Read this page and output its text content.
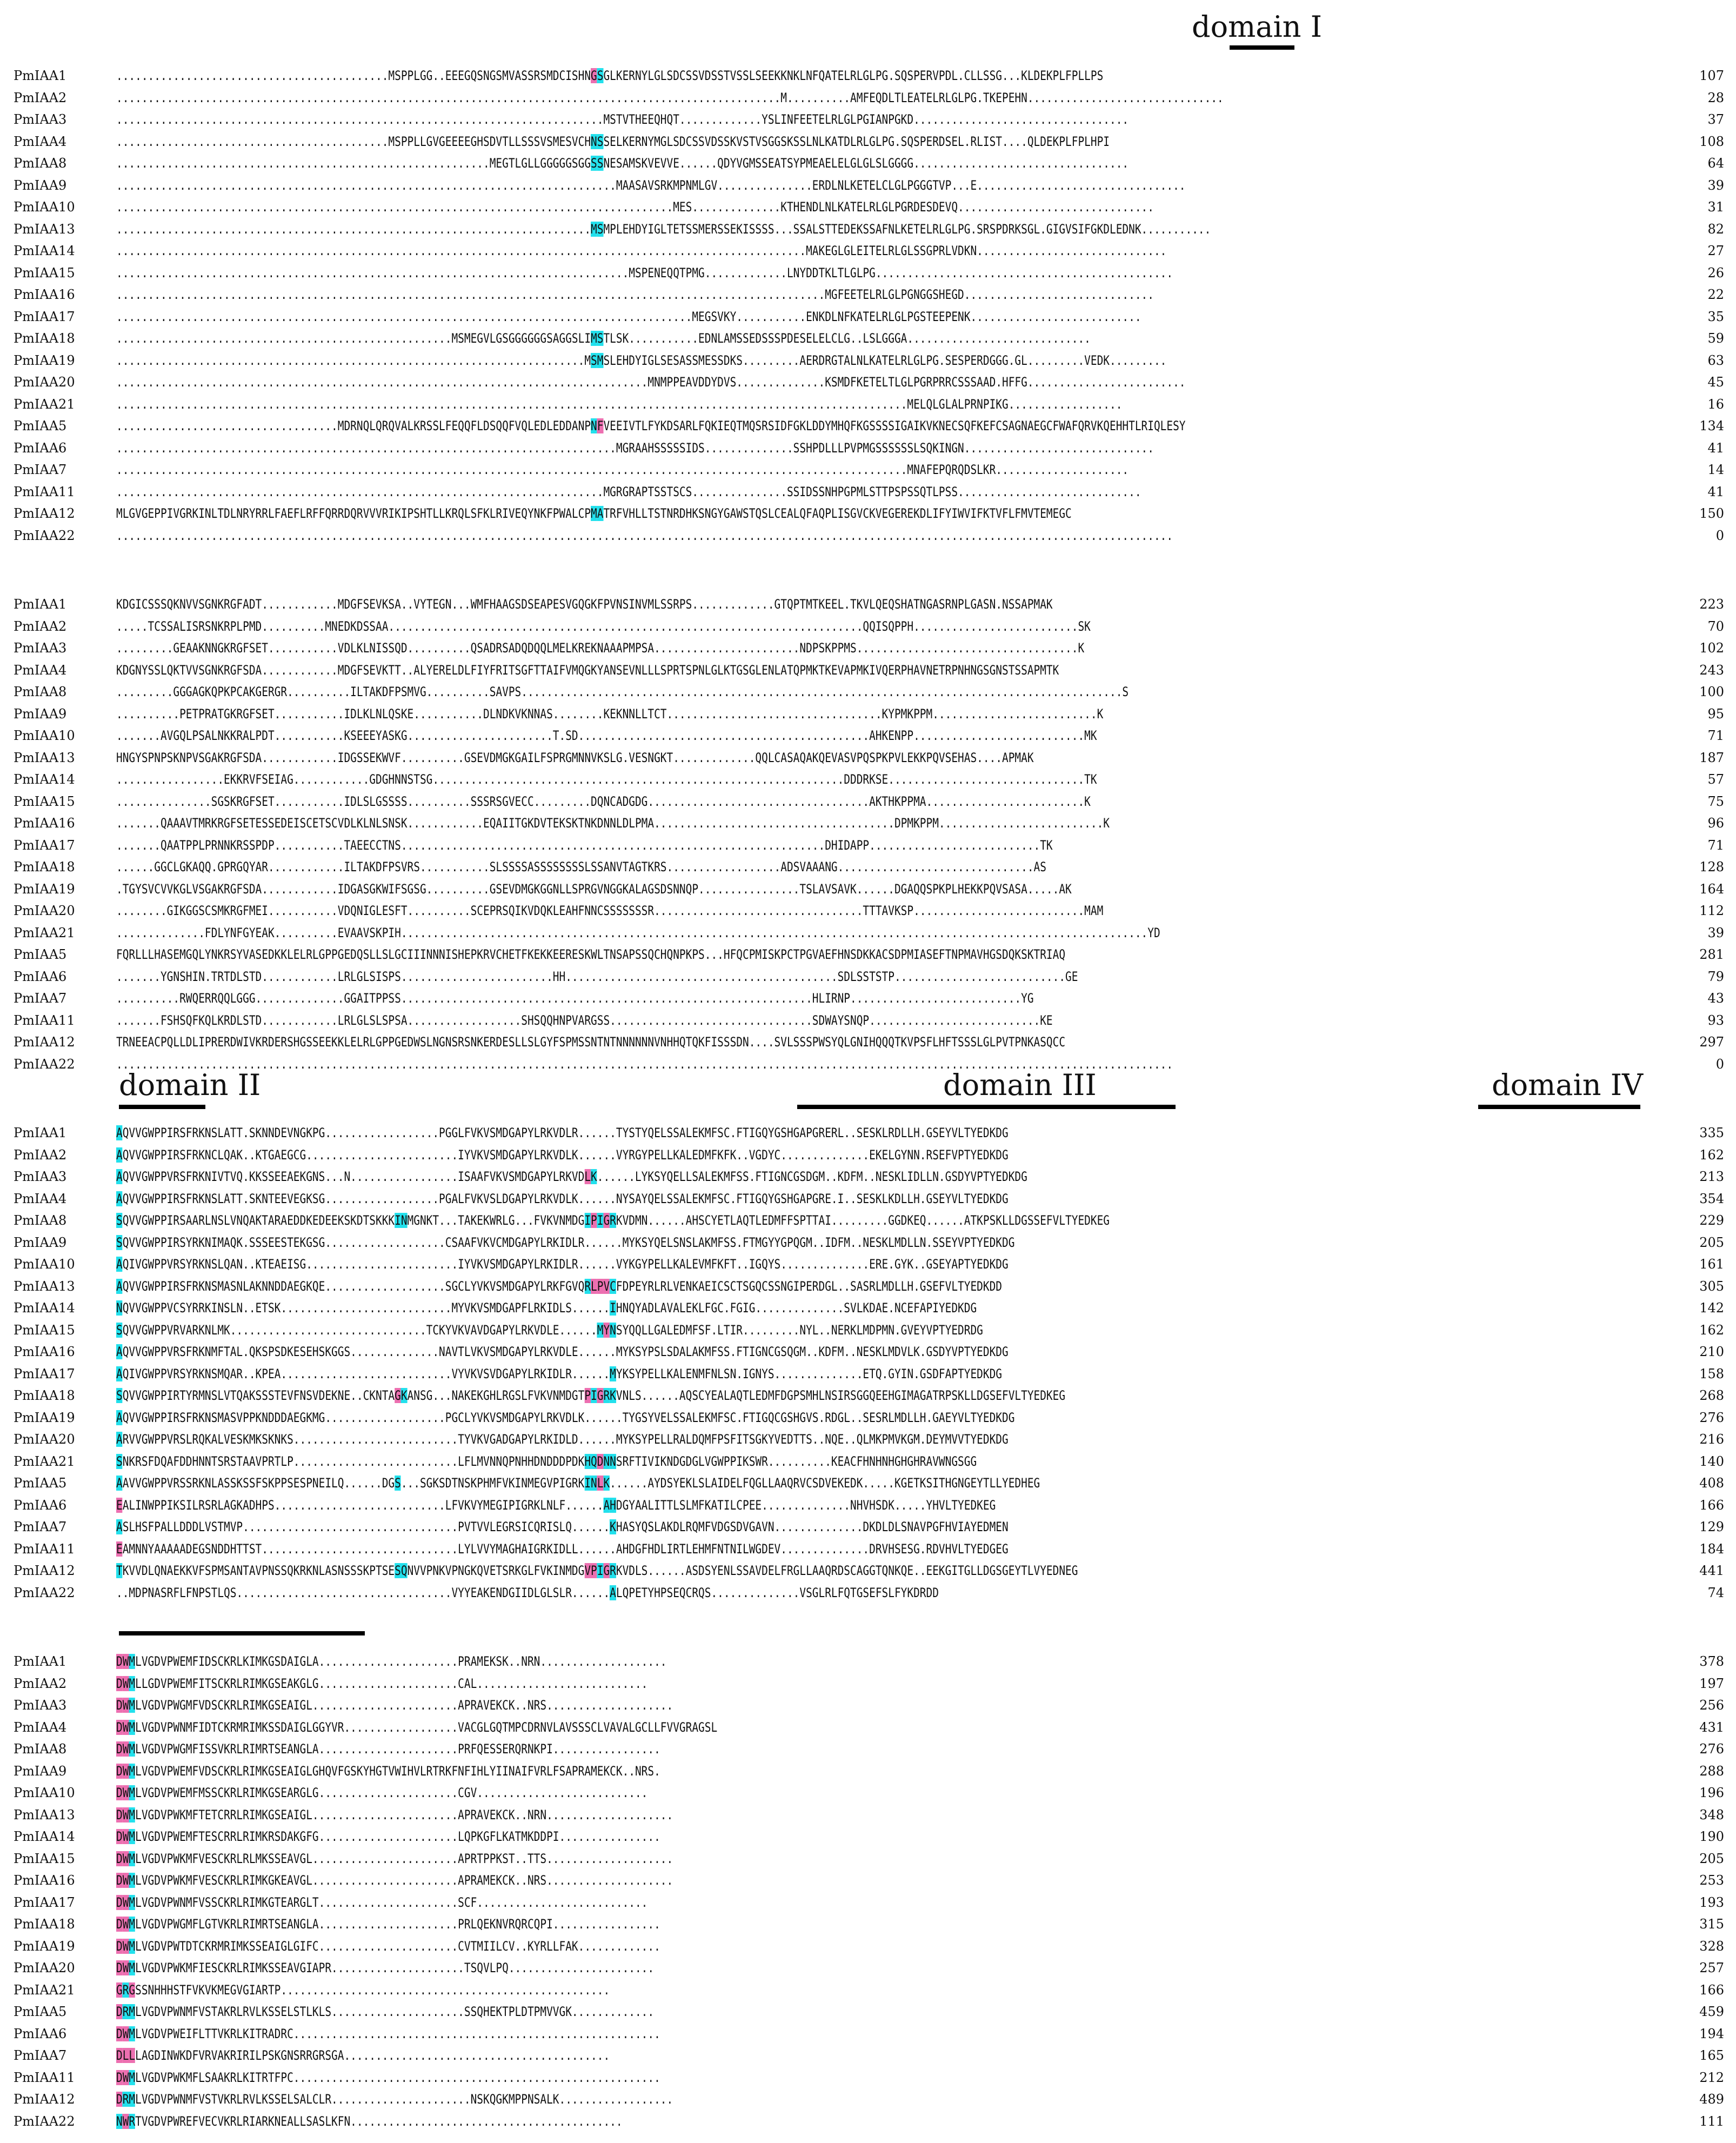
domain I
domain II	domain III	domain IV
PmIAA1	...........................................MSPPLGG..EEEGQSNGSMVASSRSMDCISHNGSGLKERNYLGLSDCSSVDSSTVSSLSEEKKNKLNFQATELRLGLPG.SQSPERVPDL.CLLSSG...KLDEKPLFPLLPS	107
PmIAA2	.........................................................................................................M..........AMFEQDLTLEATELRLGLPG.TKEPEHN...............................	28
PmIAA3	.............................................................................MSTVTHEEQHQT.............YSLINFEETELRLGLPGIANPGKD..................................	37
PmIAA4	...........................................MSPPLLGVGEEEEGHSDVTLLSSSVSMESVCHNSSELKERNYMGLSDCSSVDSSKVSTVSGGSKSSLNLKATDLRLGLPG.SQSPERDSEL.RLIST....QLDEKPLFPLHPI	108
PmIAA8	...........................................................MEGTLGLLGGGGGSGGSSNESAMSKVEVVE......QDYVGMSSEATSYPMEAELELGLGLSLGGGG..................................	64
PmIAA9	...............................................................................MAASAVSRKMPNMLGV...............ERDLNLKETELCLGLPGGGTVP...E.................................	39
PmIAA10	........................................................................................MES..............KTHENDLNLKATELRLGLPGRDESDEVQ...............................	31
PmIAA13	...........................................................................MSMPLEHDYIGLTETSSMERSSEKISSSS...SSALSTTEDEKSSAFNLKETELRLGLPG.SRSPDRKSGL.GIGVSIFGKDLEDNK...........	82
PmIAA14	.............................................................................................................MAKEGLGLEITELRLGLSSGPRLVDKN..............................	27
PmIAA15	.................................................................................MSPENEQQTPMG.............LNYDDTKLTLGLPG...............................................	26
PmIAA16	................................................................................................................MGFEETELRLGLPGNGGSHEGD..............................	22
PmIAA17	...........................................................................................MEGSVKY...........ENKDLNFKATELRLGLPGSTEEPENK...........................	35
PmIAA18	.....................................................MSMEGVLGSGGGGGGSAGGSLIMSTLSK...........EDNLAMSSEDSSSPDESELELCLG..LSLGGGA.............................	59
PmIAA19	..........................................................................MSMSLEHDYIGLSESASSMESSDKS.........AERDRGTALNLKATELRLGLPG.SESPERDGGG.GL.........VEDK.........	63
PmIAA20	....................................................................................MNMPPEAVDDYDVS..............KSMDFKETELTLGLPGRPRRCSSSAAD.HFFG.........................	45
PmIAA21	.............................................................................................................................MELQLGLALPRNPIKG..................	16
PmIAA5	...................................MDRNQLQRQVALKRSSLFEQQFLDSQQFVQLEDLEDDANPNFVEEIVTLFYKDSARLFQKIEQTMQSRSIDFGKLDDYMHQFKGSSSSIGAIKVKNECSQFKEFCSAGNAEGCFWAFQRVKQEHHTLRIQLESY	134
PmIAA6	...............................................................................MGRAAHSSSSSIDS..............SSHPDLLLPVPMGSSSSSSLSQKINGN..............................	41
PmIAA7	.............................................................................................................................MNAFEPQRQDSLKR.....................	14
PmIAA11	.............................................................................MGRGRAPTSSTSCS...............SSIDSSNHPGPMLSTTPSPSSQTLPSS.............................	41
PmIAA12	MLGVGEPPIVGRKINLTDLNRYRRLFAEFLRFFQRRDQRVVVRIKIPSHTLLKRQLSFKLRIVEQYNKFPWALCPMATRFVHLLTSTNRDHKSNGYGAWSTQSLCEALQFAQPLISGVCKVEGEREKDLIFYIWVIFKTVFLFMVTEMEGC	150
PmIAA22	.......................................................................................................................................................................	0
PmIAA1	KDGICSSSQKNVVSGNKRGFADT............MDGFSEVKSA..VYTEGN...WMFHAAGSDSEAPESVGQGKFPVNSINVMLSSRPS.............GTQPTMTKEEL.TKVLQEQSHATNGASRNPLGASN.NSSAPMAK	223
PmIAA2	.....TCSSALISRSNKRPLPMD..........MNEDKDSSAA...........................................................................QQISQPPH..........................SK	70
PmIAA3	.........GEAAKNNGKRGFSET...........VDLKLNISSQD..........QSADRSADQDQQLMELKREKNAAAPMPSA.......................NDPSKPPMS...................................K	102
PmIAA4	KDGNYSSLQKTVVSGNKRGFSDA............MDGFSEVKTT..ALYERELDLFIYFRITSGFTTAIFVMQGKYANSEVNLLLSPRTSPNLGLKTGSGLENLATQPMKTKEVAPMKIVQERPHAVNETRPNHNGSGNSTSSAPMTK	243
PmIAA8	.........GGGAGKQPKPCAKGERGR..........ILTAKDFPSMVG..........SAVPS...............................................................................................S	100
PmIAA9	..........PETPRATGKRGFSET...........IDLKLNLQSKE...........DLNDKVKNNAS........KEKNNLLTCT..................................KYPMKPPM..........................K	95
PmIAA10	.......AVGQLPSALNKKRALPDT...........KSEEEYASKG.......................T.SD..............................................AHKENPP...........................MK	71
PmIAA13	HNGYSPNPSKNPVSGAKRGFSDA............IDGSSEKWVF..........GSEVDMGKGAILFSPRGMNNVKSLG.VESNGKT.............QQLCASAQAKQEVASVPQSPKPVLEKKPQVSEHAS....APMAK	187
PmIAA14	.................EKKRVFSEIAG............GDGHNNSTSG.................................................................DDDRKSE...............................TK	57
PmIAA15	...............SGSKRGFSET...........IDLSLGSSSS..........SSSRSGVECC.........DQNCADGDG...................................AKTHKPPMA.........................K	75
PmIAA16	.......QAAAVTMRKRGFSETESSEDEISCETSCVDLKLNLSNSK............EQAIITGKDVTEKSKTNKDNNLDLPMA......................................DPMKPPM..........................K	96
PmIAA17	.......QAATPPLPRNNKRSSPDP...........TAEECCTNS...................................................................DHIDAPP...........................TK	71
PmIAA18	......GGCLGKAQQ.GPRGQYAR............ILTAKDFPSVRS...........SLSSSSASSSSSSSSLSSANVTAGTKRS..................ADSVAAANG...............................AS	128
PmIAA19	.TGYSVCVVKGLVSGAKRGFSDA............IDGASGKWIFSGSG..........GSEVDMGKGGNLLSPRGVNGGKALAGSDSNNQP................TSLAVSAVK......DGAQQSPKPLHEKKPQVSASA.....AK	164
PmIAA20	........GIKGGSCSMKRGFMEI...........VDQNIGLESFT..........SCEPRSQIKVDQKLEAHFNNCSSSSSSSR.................................TTTAVKSP...........................MAM	112
PmIAA21	..............FDLYNFGYEAK..........EVAAVSKPIH......................................................................................................................YD	39
PmIAA5	FQRLLLHASEMGQLYNKRSYVASEDKKLELRLGPPGEDQSLLSLGCIIINNNISHEPKRVCHETFKEKKEERESKWLTNSAPSSQCHQNPKPS...HFQCPMISKPCTPGVAEFHNSDKKACSDPMIASEFTNPMAVHGSDQKSKTRIAQ	281
PmIAA6	.......YGNSHIN.TRTDLSTD............LRLGLSISPS........................HH...........................................SDLSSTSTP...........................GE	79
PmIAA7	..........RWQERRQQLGGG..............GGAITPPSS.................................................................HLIRNP...........................YG	43
PmIAA11	.......FSHSQFKQLKRDLSTD............LRLGLSLSPSA..................SHSQQHNPVARGSS................................SDWAYSNQP...........................KE	93
PmIAA12	TRNEEACPQLLDLIPRERDWIVKRDERSHGSSEEKKLELRLGPPGEDWSLNGNSRSNKERDESLLSLGYFSPMSSNTNTNNNNNNVNHHQTQKFISSSDN....SVLSSSPWSYQLGNIHQQQTKVPSFLHFTSSSLGLPVTPNKASQCC	297
PmIAA22	.......................................................................................................................................................................	0
PmIAA1	AQVVGWPPIRSFRKNSLATT.SKNNDEVNGKPG..................PGGLFVKVSMDGAPYLRKVDLR......TYSTYQELSSALEKMFSC.FTIGQYGSHGAPGRERL..SESKLRDLLH.GSEYVLTYEDKDG	335
PmIAA2	AQVVGWPPIRSFRKNCLQAK..KTGAEGCG........................IYVKVSMDGAPYLRKVDLK......VYRGYPELLKALEDMFKFK..VGDYC..............EKELGYNN.RSEFVPTYEDKDG	162
PmIAA3	AQVVGWPPVRSFRKNIVTVQ.KKSSEEAEKGNS...N.................ISAAFVKVSMDGAPYLRKVDLK......LYKSYQELLSALEKMFSS.FTIGNCGSDGM..KDFM..NESKLIDLLN.GSDYVPTYEDKDG	213
PmIAA4	AQVVGWPPIRSFRKNSLATT.SKNTEEVEGKSG..................PGALFVKVSLDGAPYLRKVDLK......NYSAYQELSSALEKMFSC.FTIGQYGSHGAPGRE.I..SESKLKDLLH.GSEYVLTYEDKDG	354
PmIAA8	SQVVGWPPIRSAARLNSLVNQAKTARAEDDKEDEEKSKDTSKKKINMGNKT...TAKEKWRLG...FVKVNMDGIPIGRKVDMN......AHSCYETLAQTLEDMFFSPTTAI.........GGDKEQ......ATKPSKLLDGSSEFVLTYEDKEG	229
PmIAA9	SQVVGWPPIRSYRKNIMAQK.SSSEESTEKGSG...................CSAAFVKVCMDGAPYLRKIDLR......MYKSYQELSNSLAKMFSS.FTMGYYGPQGM..IDFM..NESKLMDLLN.SSEYVPTYEDKDG	205
PmIAA10	AQIVGWPPVRSYRKNSLQAN..KTEAEISG........................IYVKVSMDGAPYLRKIDLR......VYKGYPELLKALEVMFKFT..IGQYS..............ERE.GYK..GSEYAPTYEDKDG	161
PmIAA13	AQVVGWPPIRSFRKNSMASNLAKNNDDAEGKQE...................SGCLYVKVSMDGAPYLRKFGVQRLPVCFDPEYRLRLVENKAEICSCTSGQCSSNGIPERDGL..SASRLMDLLH.GSEFVLTYEDKDD	305
PmIAA14	NQVVGWPPVCSYRRKINSLN..ETSK...........................MYVKVSMDGAPFLRKIDLS......IHNQYADLAVALEKLFGC.FGIG..............SVLKDAE.NCEFAPIYEDKDG	142
PmIAA15	SQVVGWPPVRVARKNLMK...............................TCKYVKVAVDGAPYLRKVDLE......MYNSYQQLLGALEDMFSF.LTIR.........NYL..NERKLMDPMN.GVEYVPTYEDRDG	162
PmIAA16	AQVVGWPPVRSFRKNMFTAL.QKSPSDKESEHSKGGS..............NAVTLVKVSMDGAPYLRKVDLE......MYKSYPSLSDALAKMFSS.FTIGNCGSQGM..KDFM..NESKLMDVLK.GSDYVPTYEDKDG	210
PmIAA17	AQIVGWPPVRSYRKNSMQAR..KPEA...........................VYVKVSVDGAPYLRKIDLR......MYKSYPELLKALENMFNLSN.IGNYS..............ETQ.GYIN.GSDFAPTYEDKDG	158
PmIAA18	SQVVGWPPIRTYRMNSLVTQAKSSSTEVFNSVDEKNE..CKNTAGKANSG...NAKEKGHLRGSLFVKVNMDGTPIGRKVNLS......AQSCYEALAQTLEDMFDGPSMHLNSIRSGGQEEHGIMAGATRPSKLLDGSEFVLTYEDKEG	268
PmIAA19	AQVVGWPPIRSFRKNSMASVPPKNDDDAEGKMG...................PGCLYVKVSMDGAPYLRKVDLK......TYGSYVELSSALEKMFSC.FTIGQCGSHGVS.RDGL..SESRLMDLLH.GAEYVLTYEDKDG	276
PmIAA20	ARVVGWPPVRSLRQKALVESKMKSKNKS..........................TYVKVGADGAPYLRKIDLD......MYKSYPELLRALDQMFPSFITSGKYVEDTTS..NQE..QLMKPMVKGM.DEYMVVTYEDKDG	216
PmIAA21	SNKRSFDQAFDDHNNTSRSTAAVPRTLP..........................LFLMVNNQPNHHDNDDDPDKHQDNNSRFTIVIKNDGDGLVGWPPIKSWR..........KEACFHNHNHGHGHRAVWNGSGG	140
PmIAA5	AAVVGWPPVRSSRKNLASSKSSFSKPPSESPNEILQ......DGS...SGKSDTNSKPHMFVKINMEGVPIGRKINLK......AYDSYEKLSLAIDELFQGLLAAQRVCSDVEKEDK.....KGETKSITHGNGEYTLLYEDHEG	408
PmIAA6	EALINWPPIKSILRSRLAGKADHPS...........................LFVKVYMEGIPIGRKLNLF......AHDGYAALITTLSLMFKATILCPEE..............NHVHSDK.....YHVLTYEDKEG	166
PmIAA7	ASLHSFPALLDDDLVSTMVP..................................PVTVVLEGRSICQRISLQ......KHASYQSLAKDLRQMFVDGSDVGAVN..............DKDLDLSNAVPGFHVIAYEDMEN	129
PmIAA11	EAMNNYAAAAADEGSNDDHTTST...............................LYLVVYMAGHAIGRKIDLL......AHDGFHDLIRTLEHMFNTNILWGDEV..............DRVHSESG.RDVHVLTYEDGEG	184
PmIAA12	TKVVDLQNAEKKVFSPMSANTAVPNSSQKRKNLASNSSSKPTSESQNVVPNKVPNGKQVETSRKGLFVKINMDGVPIGRKVDLS......ASDSYENLSSAVDELFRGLLAAQRDSCAGGTQNKQE..EEKGITGLLDGSGEYTLVYEDNEG	441
PmIAA22	..MDPNASRFLFNPSTLQS..................................VYYEAKENDGIIDLGLSLR......ALQPETYHPSEQCRQS..............VSGLRLFQTGSEFSLFYKDRDD	74
PmIAA1	DWMLVGDVPWEMFIDSCKRLKIMKGSDAIGLA......................PRAMEKSK..NRN....................	378
PmIAA2	DWMLLGDVPWEMFITSCKRLRIMKGSEAKGLG......................CAL...........................	197
PmIAA3	DWMLVGDVPWGMFVDSCKRLRIMKGSEAIGL.......................APRAVEKCK..NRS....................	256
PmIAA4	DWMLVGDVPWNMFIDTCKRMRIMKSSDAIGLGGYVR..................VACGLGQTMPCDRNVLAVSSSCLVAVALGCLLFVVGRAGSL	431
PmIAA8	DWMLVGDVPWGMFISSVKRLRIMRTSEANGLA......................PRFQESSERQRNKPI.................	276
PmIAA9	DWMLVGDVPWEMFVDSCKRLRIMKGSEAIGLGHQVFGSKYHGTVWIHVLRTRKFNFIHLYIINAIFVRLFSAPRAMEKCK..NRS.	288
PmIAA10	DWMLVGDVPWEMFMSSCKRLRIMKGSEARGLG......................CGV...........................	196
PmIAA13	DWMLVGDVPWKMFTETCRRLRIMKGSEAIGL.......................APRAVEKCK..NRN....................	348
PmIAA14	DWMLVGDVPWEMFTESCRRLRIMKRSDAKGFG......................LQPKGFLKATMKDDPI................	190
PmIAA15	DWMLVGDVPWKMFVESCKRLRLMKSSEAVGL.......................APRTPPKST..TTS....................	205
PmIAA16	DWMLVGDVPWKMFVESCKRLRIMKGKEAVGL.......................APRAMEKCK..NRS....................	253
PmIAA17	DWMLVGDVPWNMFVSSCKRLRIMKGTEARGLT......................SCF...........................	193
PmIAA18	DWMLVGDVPWGMFLGTVKRLRIMRTSEANGLA......................PRLQEKNVRQRCQPI.................	315
PmIAA19	DWMLVGDVPWTDTCKRMRIMKSSEAIGLGIFC......................CVTMIILCV..KYRLLFAK.............	328
PmIAA20	DWMLVGDVPWKMFIESCKRLRIMKSSEAVGIAPR.....................TSQVLPQ.......................	257
PmIAA21	GRGSSNHHHSTFVKVKMEGVGIARTP....................................................	166
PmIAA5	DRMLVGDVPWNMFVSTAKRLRVLKSSELSTLKLS.....................SSQHEKTPLDTPMVVGK.............	459
PmIAA6	DWMLVGDVPWEIFLTTVKRLKITRADRC..........................................................	194
PmIAA7	DLLLAGDINWKDFVRVAKRIRILPSKGNSRRGRSGA..........................................	165
PmIAA11	DWMLVGDVPWKMFLSAAKRLKITRTFPC..........................................................	212
PmIAA12	DRMLVGDVPWNMFVSTVKRLRVLKSSELSALCLR......................NSKQGKMPPNSALK..................	489
PmIAA22	NWRTVGDVPWREFVECVKRLRIARKNEALLSASLKFN...........................................	111
